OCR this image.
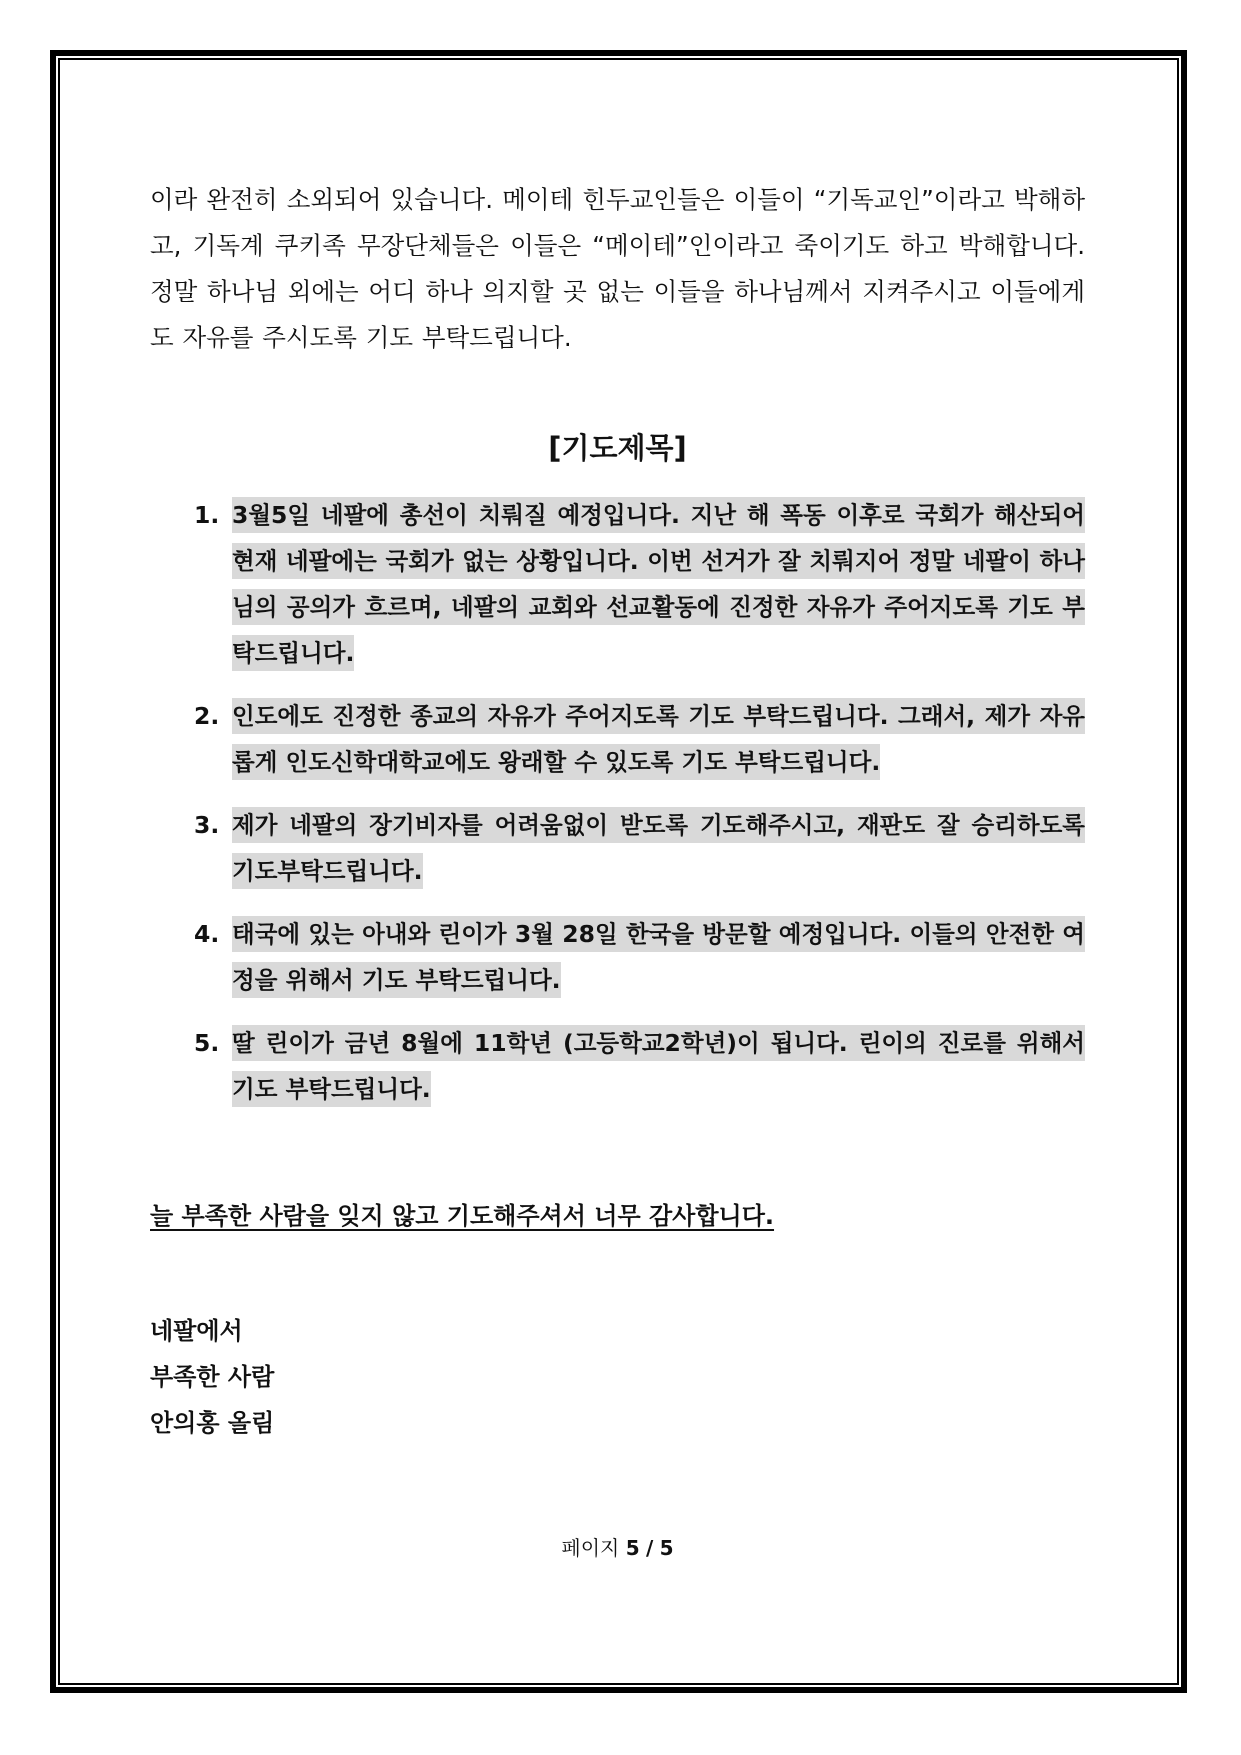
이라 완전히 소외되어 있습니다. 메이테 힌두교인들은 이들이 “기독교인”이라고 박해하고, 기독계 쿠키족 무장단체들은 이들은 “메이테”인이라고 죽이기도 하고 박해합니다. 정말 하나님 외에는 어디 하나 의지할 곳 없는 이들을 하나님께서 지켜주시고 이들에게도 자유를 주시도록 기도 부탁드립니다.

[기도제목]
1. 3월5일 네팔에 총선이 치뤄질 예정입니다. 지난 해 폭동 이후로 국회가 해산되어 현재 네팔에는 국회가 없는 상황입니다. 이번 선거가 잘 치뤄지어 정말 네팔이 하나님의 공의가 흐르며, 네팔의 교회와 선교활동에 진정한 자유가 주어지도록 기도 부탁드립니다.
2. 인도에도 진정한 종교의 자유가 주어지도록 기도 부탁드립니다. 그래서, 제가 자유롭게 인도신학대학교에도 왕래할 수 있도록 기도 부탁드립니다.
3. 제가 네팔의 장기비자를 어려움없이 받도록 기도해주시고, 재판도 잘 승리하도록 기도부탁드립니다.
4. 태국에 있는 아내와 린이가 3월 28일 한국을 방문할 예정입니다. 이들의 안전한 여정을 위해서 기도 부탁드립니다.
5. 딸 린이가 금년 8월에 11학년 (고등학교2학년)이 됩니다. 린이의 진로를 위해서 기도 부탁드립니다.

늘 부족한 사람을 잊지 않고 기도해주셔서 너무 감사합니다.

네팔에서
부족한 사람
안의홍 올림

페이지 5 / 5
